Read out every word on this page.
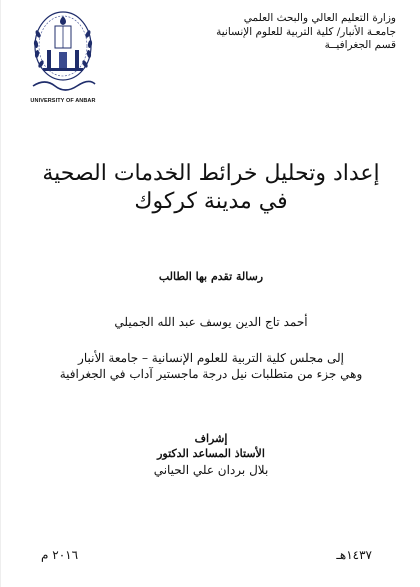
وزارة التعليم العالي والبحث العلمي
جامعـة الأنبار/ كلية التربية للعلوم الإنسانية
قسم الجغرافيــة
UNIVERSITY OF ANBAR
إعداد وتحليل خرائط الخدمات الصحية
في مدينة كركوك
رسالة تقدم بها الطالب
أحمد تاج الدين يوسف عبد الله الجميلي
إلى مجلس كلية التربية للعلوم الإنسانية – جامعة الأنبار
وهي جزء من متطلبات نيل درجة ماجستير آداب في الجغرافية
إشراف
الأستاذ المساعد الدكتور
بلال بردان علي الحياني
١٤٣٧هـ
٢٠١٦ م
